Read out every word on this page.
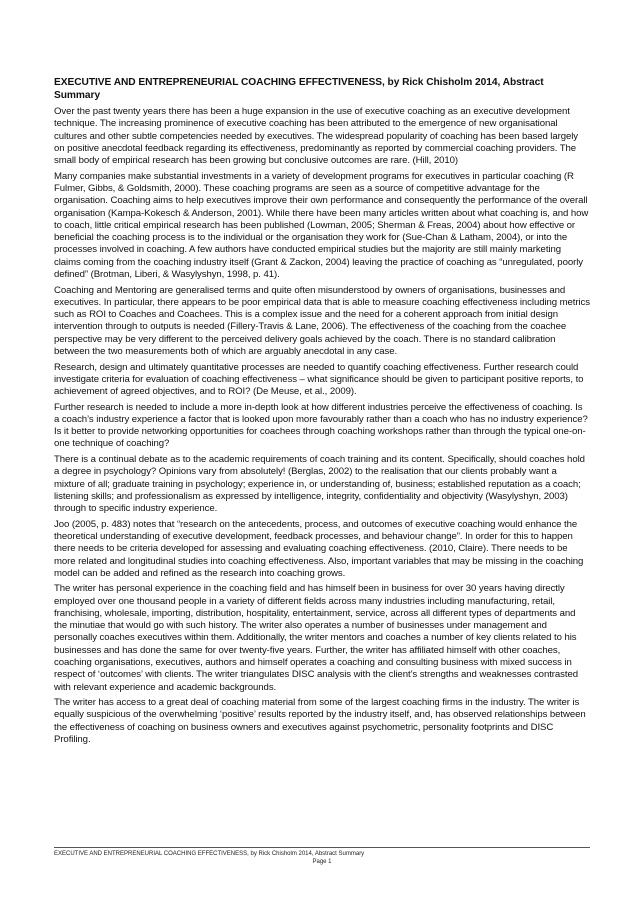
EXECUTIVE AND ENTREPRENEURIAL COACHING EFFECTIVENESS, by Rick Chisholm 2014, Abstract Summary

Over the past twenty years there has been a huge expansion in the use of executive coaching as an executive development technique. The increasing prominence of executive coaching has been attributed to the emergence of new organisational cultures and other subtle competencies needed by executives. The widespread popularity of coaching has been based largely on positive anecdotal feedback regarding its effectiveness, predominantly as reported by commercial coaching providers. The small body of empirical research has been growing but conclusive outcomes are rare. (Hill, 2010)

Many companies make substantial investments in a variety of development programs for executives in particular coaching (R Fulmer, Gibbs, & Goldsmith, 2000). These coaching programs are seen as a source of competitive advantage for the organisation. Coaching aims to help executives improve their own performance and consequently the performance of the overall organisation (Kampa-Kokesch & Anderson, 2001). While there have been many articles written about what coaching is, and how to coach, little critical empirical research has been published (Lowman, 2005; Sherman & Freas, 2004) about how effective or beneficial the coaching process is to the individual or the organisation they work for (Sue-Chan & Latham, 2004), or into the processes involved in coaching. A few authors have conducted empirical studies but the majority are still mainly marketing claims coming from the coaching industry itself (Grant & Zackon, 2004) leaving the practice of coaching as “unregulated, poorly defined” (Brotman, Liberi, & Wasylyshyn, 1998, p. 41).

Coaching and Mentoring are generalised terms and quite often misunderstood by owners of organisations, businesses and executives. In particular, there appears to be poor empirical data that is able to measure coaching effectiveness including metrics such as ROI to Coaches and Coachees. This is a complex issue and the need for a coherent approach from initial design intervention through to outputs is needed (Fillery-Travis & Lane, 2006). The effectiveness of the coaching from the coachee perspective may be very different to the perceived delivery goals achieved by the coach. There is no standard calibration between the two measurements both of which are arguably anecdotal in any case.

Research, design and ultimately quantitative processes are needed to quantify coaching effectiveness. Further research could investigate criteria for evaluation of coaching effectiveness – what significance should be given to participant positive reports, to achievement of agreed objectives, and to ROI? (De Meuse, et al., 2009).

Further research is needed to include a more in-depth look at how different industries perceive the effectiveness of coaching. Is a coach’s industry experience a factor that is looked upon more favourably rather than a coach who has no industry experience? Is it better to provide networking opportunities for coachees through coaching workshops rather than through the typical one-on-one technique of coaching?

There is a continual debate as to the academic requirements of coach training and its content. Specifically, should coaches hold a degree in psychology? Opinions vary from absolutely! (Berglas, 2002) to the realisation that our clients probably want a mixture of all; graduate training in psychology; experience in, or understanding of, business; established reputation as a coach; listening skills; and professionalism as expressed by intelligence, integrity, confidentiality and objectivity (Wasylyshyn, 2003) through to specific industry experience.

Joo (2005, p. 483) notes that “research on the antecedents, process, and outcomes of executive coaching would enhance the theoretical understanding of executive development, feedback processes, and behaviour change”. In order for this to happen there needs to be criteria developed for assessing and evaluating coaching effectiveness. (2010, Claire). There needs to be more related and longitudinal studies into coaching effectiveness. Also, important variables that may be missing in the coaching model can be added and refined as the research into coaching grows.

The writer has personal experience in the coaching field and has himself been in business for over 30 years having directly employed over one thousand people in a variety of different fields across many industries including manufacturing, retail, franchising, wholesale, importing, distribution, hospitality, entertainment, service, across all different types of departments and the minutiae that would go with such history. The writer also operates a number of businesses under management and personally coaches executives within them. Additionally, the writer mentors and coaches a number of key clients related to his businesses and has done the same for over twenty-five years. Further, the writer has affiliated himself with other coaches, coaching organisations, executives, authors and himself operates a coaching and consulting business with mixed success in respect of ‘outcomes’ with clients. The writer triangulates DISC analysis with the client’s strengths and weaknesses contrasted with relevant experience and academic backgrounds.

The writer has access to a great deal of coaching material from some of the largest coaching firms in the industry. The writer is equally suspicious of the overwhelming ‘positive’ results reported by the industry itself, and, has observed relationships between the effectiveness of coaching on business owners and executives against psychometric, personality footprints and DISC Profiling.

EXECUTIVE AND ENTREPRENEURIAL COACHING EFFECTIVENESS, by Rick Chisholm 2014, Abstract Summary
Page 1
